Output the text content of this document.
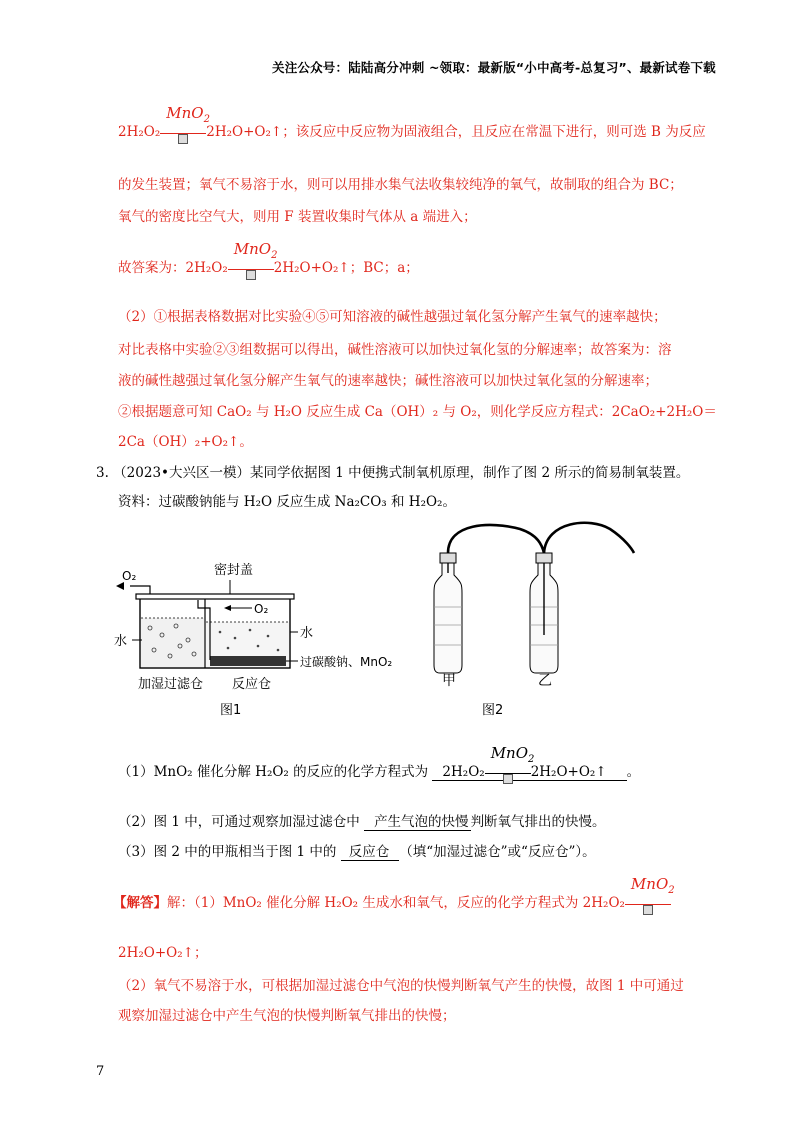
关注公众号：陆陆高分冲刺 ~领取：最新版“小中高考-总复习”、最新试卷下载
2H₂O₂
MnO$_2$
2H₂O+O₂↑；该反应中反应物为固液组合，且反应在常温下进行，则可选 B 为反应
的发生装置；氧气不易溶于水，则可以用排水集气法收集较纯净的氧气，故制取的组合为 BC；
氧气的密度比空气大，则用 F 装置收集时气体从 a 端进入；
故答案为：2H₂O₂
MnO$_2$
2H₂O+O₂↑；BC；a；
（2）①根据表格数据对比实验④⑤可知溶液的碱性越强过氧化氢分解产生氧气的速率越快；
对比表格中实验②③组数据可以得出，碱性溶液可以加快过氧化氢的分解速率；故答案为：溶
液的碱性越强过氧化氢分解产生氧气的速率越快；碱性溶液可以加快过氧化氢的分解速率；
②根据题意可知 CaO₂ 与 H₂O 反应生成 Ca（OH）₂ 与 O₂，则化学反应方程式：2CaO₂+2H₂O＝
2Ca（OH）₂+O₂↑。
3. （2023•大兴区一模）某同学依据图 1 中便携式制氧机原理，制作了图 2 所示的简易制氧装置。
资料：过碳酸钠能与 H₂O 反应生成 Na₂CO₃ 和 H₂O₂。
O₂	密封盖
O₂
水
水
过碳酸钠、MnO₂
加湿过滤仓 反应仓
图1
甲	乙
图2
（1）MnO₂ 催化分解 H₂O₂ 的反应的化学方程式为 2H₂O₂
MnO$_2$
2H₂O+O₂↑ 。
（2）图 1 中，可通过观察加湿过滤仓中 产生气泡的快慢 判断氧气排出的快慢。
（3）图 2 中的甲瓶相当于图 1 中的 反应仓 （填“加湿过滤仓”或“反应仓”）。
【解答】解：（1）MnO₂ 催化分解 H₂O₂ 生成水和氧气，反应的化学方程式为 2H₂O₂
MnO$_2$
2H₂O+O₂↑；
（2）氧气不易溶于水，可根据加湿过滤仓中气泡的快慢判断氧气产生的快慢，故图 1 中可通过
观察加湿过滤仓中产生气泡的快慢判断氧气排出的快慢；
7
